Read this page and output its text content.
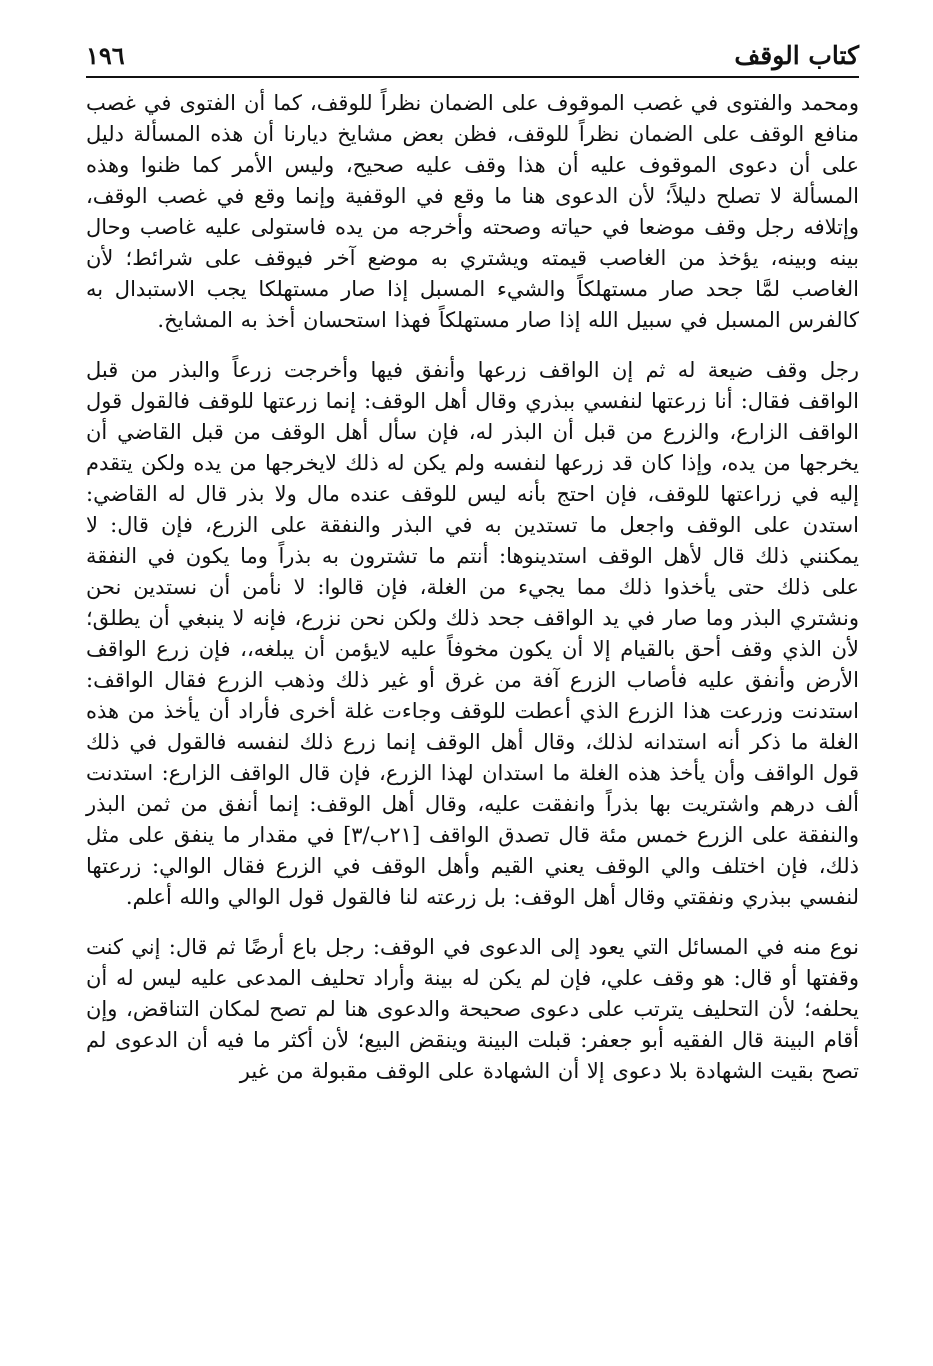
كتاب الوقف
١٩٦

ومحمد والفتوى في غصب الموقوف على الضمان نظراً للوقف، كما أن الفتوى في غصب منافع الوقف على الضمان نظراً للوقف، فظن بعض مشايخ ديارنا أن هذه المسألة دليل على أن دعوى الموقوف عليه أن هذا وقف عليه صحيح، وليس الأمر كما ظنوا وهذه المسألة لا تصلح دليلاً؛ لأن الدعوى هنا ما وقع في الوقفية وإنما وقع في غصب الوقف، وإتلافه رجل وقف موضعا في حياته وصحته وأخرجه من يده فاستولى عليه غاصب وحال بينه وبينه، يؤخذ من الغاصب قيمته ويشتري به موضع آخر فيوقف على شرائط؛ لأن الغاصب لمَّا جحد صار مستهلكاً والشيء المسبل إذا صار مستهلكا يجب الاستبدال به كالفرس المسبل في سبيل الله إذا صار مستهلكاً فهذا استحسان أخذ به المشايخ.

رجل وقف ضيعة له ثم إن الواقف زرعها وأنفق فيها وأخرجت زرعاً والبذر من قبل الواقف فقال: أنا زرعتها لنفسي ببذري وقال أهل الوقف: إنما زرعتها للوقف فالقول قول الواقف الزارع، والزرع من قبل أن البذر له، فإن سأل أهل الوقف من قبل القاضي أن يخرجها من يده، وإذا كان قد زرعها لنفسه ولم يكن له ذلك لايخرجها من يده ولكن يتقدم إليه في زراعتها للوقف، فإن احتج بأنه ليس للوقف عنده مال ولا بذر قال له القاضي: استدن على الوقف واجعل ما تستدين به في البذر والنفقة على الزرع، فإن قال: لا يمكنني ذلك قال لأهل الوقف استدينوها: أنتم ما تشترون به بذراً وما يكون في النفقة على ذلك حتى يأخذوا ذلك مما يجيء من الغلة، فإن قالوا: لا نأمن أن نستدين نحن ونشتري البذر وما صار في يد الواقف جحد ذلك ولكن نحن نزرع، فإنه لا ينبغي أن يطلق؛ لأن الذي وقف أحق بالقيام إلا أن يكون مخوفاً عليه لايؤمن أن يبلغه،، فإن زرع الواقف الأرض وأنفق عليه فأصاب الزرع آفة من غرق أو غير ذلك وذهب الزرع فقال الواقف: استدنت وزرعت هذا الزرع الذي أعطت للوقف وجاءت غلة أخرى فأراد أن يأخذ من هذه الغلة ما ذكر أنه استدانه لذلك، وقال أهل الوقف إنما زرع ذلك لنفسه فالقول في ذلك قول الواقف وأن يأخذ هذه الغلة ما استدان لهذا الزرع، فإن قال الواقف الزارع: استدنت ألف درهم واشتريت بها بذراً وانفقت عليه، وقال أهل الوقف: إنما أنفق من ثمن البذر والنفقة على الزرع خمس مئة قال تصدق الواقف [٢١ب/٣] في مقدار ما ينفق على مثل ذلك، فإن اختلف والي الوقف يعني القيم وأهل الوقف في الزرع فقال الوالي: زرعتها لنفسي ببذري ونفقتي وقال أهل الوقف: بل زرعته لنا فالقول قول الوالي والله أعلم.

نوع منه في المسائل التي يعود إلى الدعوى في الوقف: رجل باع أرضًا ثم قال: إني كنت وقفتها أو قال: هو وقف علي، فإن لم يكن له بينة وأراد تحليف المدعى عليه ليس له أن يحلفه؛ لأن التحليف يترتب على دعوى صحيحة والدعوى هنا لم تصح لمكان التناقض، وإن أقام البينة قال الفقيه أبو جعفر: قبلت البينة وينقض البيع؛ لأن أكثر ما فيه أن الدعوى لم تصح بقيت الشهادة بلا دعوى إلا أن الشهادة على الوقف مقبولة من غير
